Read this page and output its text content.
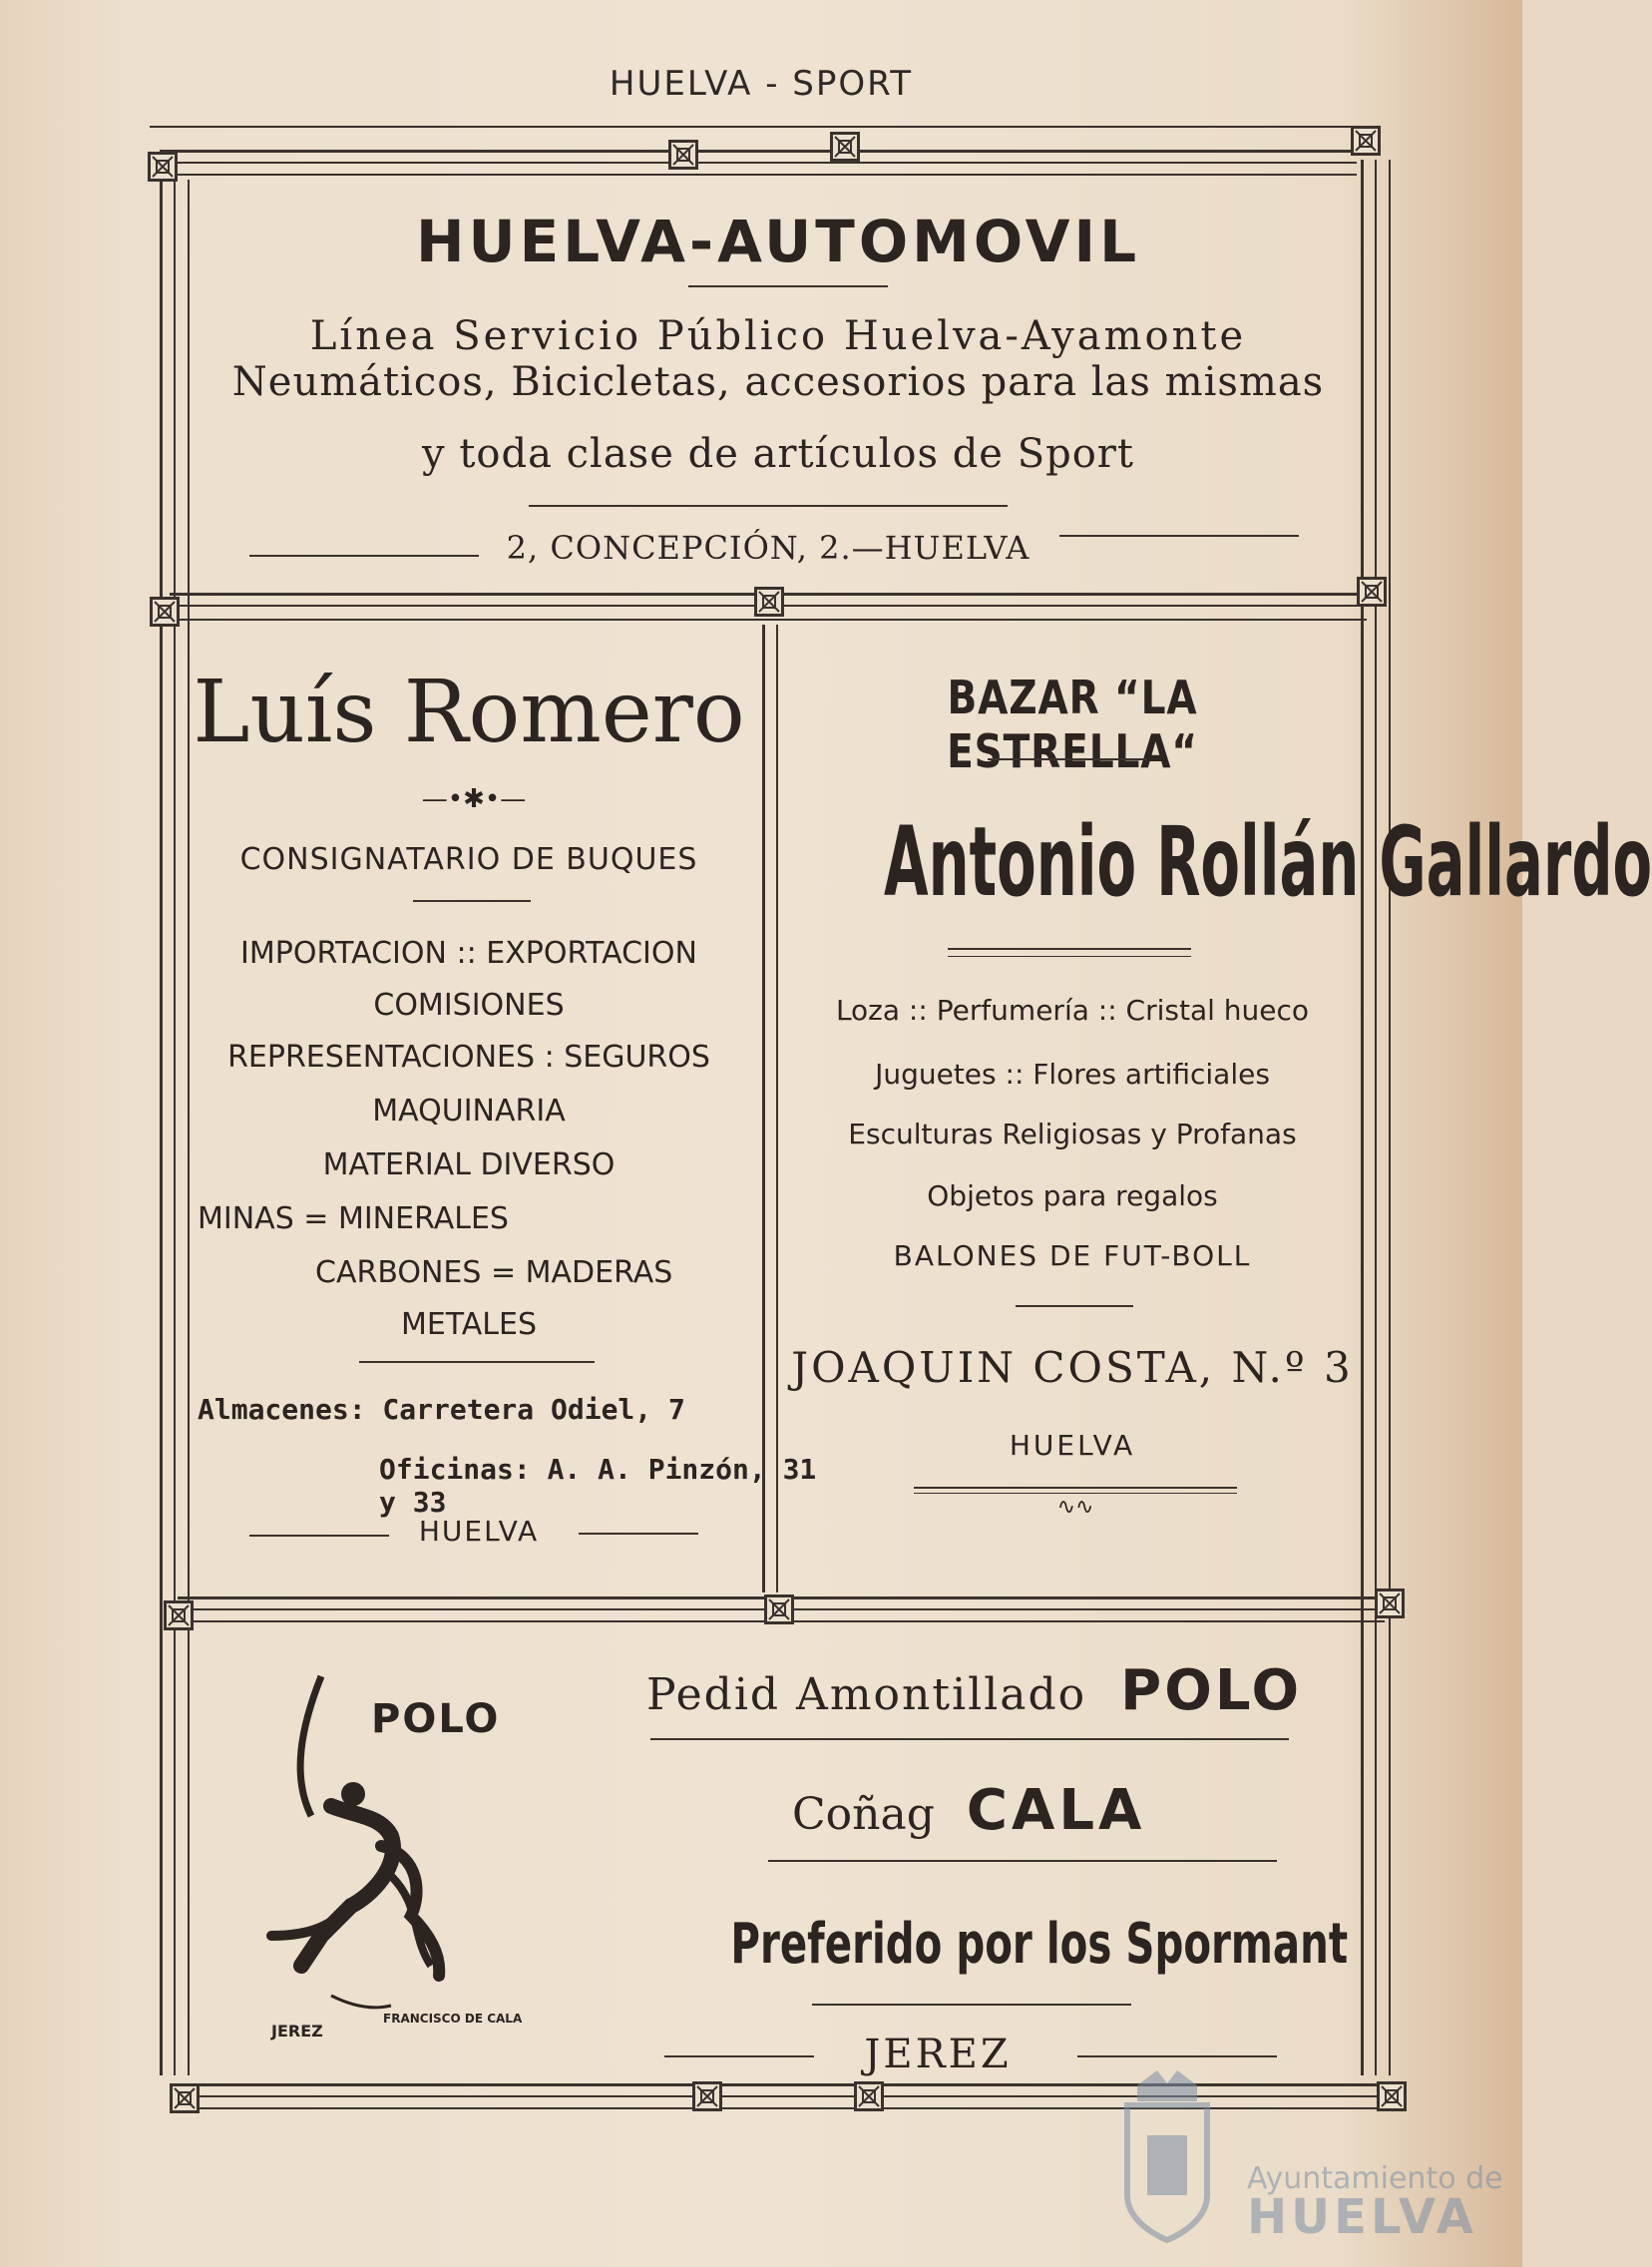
HUELVA - SPORT
HUELVA-AUTOMOVIL
Línea Servicio Público Huelva-Ayamonte
Neumáticos, Bicicletas, accesorios para las mismas
y toda clase de artículos de Sport
2, CONCEPCIÓN, 2.—HUELVA
Luís Romero
—•✱•—
CONSIGNATARIO DE BUQUES
IMPORTACION :: EXPORTACION
COMISIONES
REPRESENTACIONES : SEGUROS
MAQUINARIA
MATERIAL DIVERSO
MINAS = MINERALES
CARBONES = MADERAS
METALES
Almacenes: Carretera Odiel, 7
Oficinas: A. A. Pinzón, 31 y 33
HUELVA
BAZAR “LA ESTRELLA“
Antonio Rollán Gallardo
Loza :: Perfumería :: Cristal hueco
Juguetes :: Flores artificiales
Esculturas Religiosas y Profanas
Objetos para regalos
BALONES DE FUT-BOLL
JOAQUIN COSTA, N.º 3
HUELVA
∿∿
POLO
JEREZ
FRANCISCO DE CALA
Pedid Amontillado POLO
Coñag CALA
Preferido por los Spormant
JEREZ
Ayuntamiento de
HUELVA
